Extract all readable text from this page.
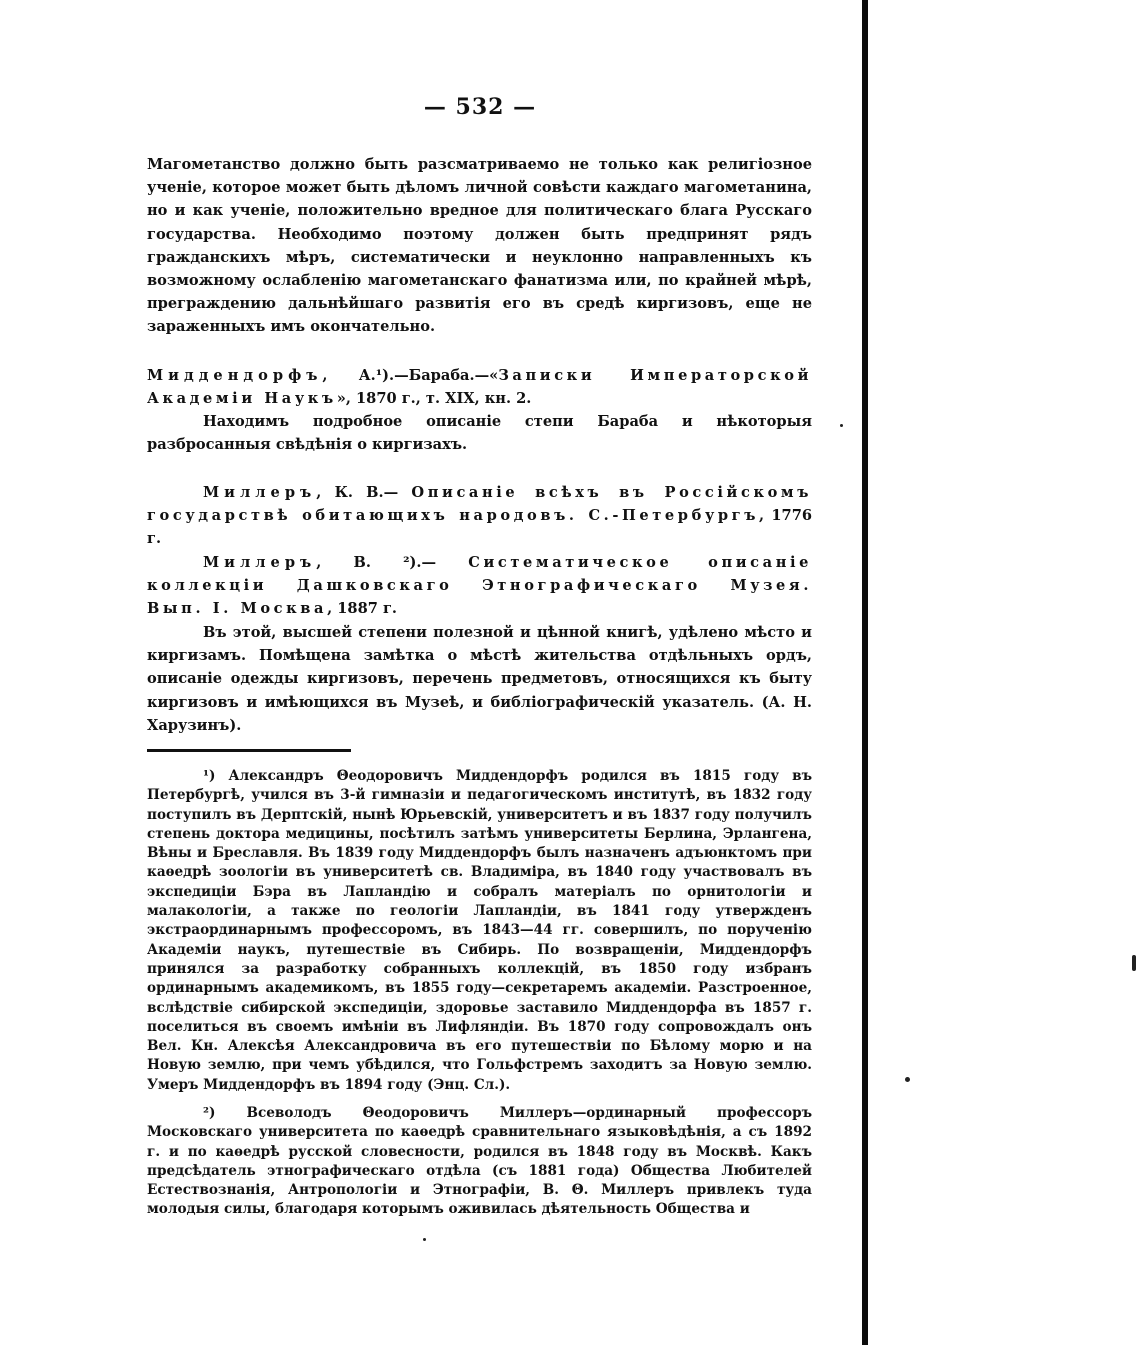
— 532 —

Магометанство должно быть разсматриваемо не только как религiозное ученiе, которое может быть дѣломъ личной совѣсти каждаго магометанина, но и как ученiе, положительно вредное для политическаго блага Русскаго государства. Необходимо поэтому должен быть предпринят рядъ гражданскихъ мѣръ, систематически и неуклонно направленныхъ къ возможному ослабленiю магометанскаго фанатизма или, по крайней мѣрѣ, преграждению дальнѣйшаго развитiя его въ средѣ киргизовъ, еще не зараженныхъ имъ окончательно.

Миддендорфъ, А.¹).—Бараба.—«Записки Императорской Академiи Наукъ», 1870 г., т. XIX, кн. 2.

Находимъ подробное описанiе степи Бараба и нѣкоторыя разбросанныя свѣдѣнiя о киргизахъ.

Миллеръ, К. В.— Описанiе всѣхъ въ Россiйскомъ государствѣ обитающихъ народовъ. С.-Петербургъ, 1776 г.

Миллеръ, В. ²).— Систематическое описанiе коллекцiи Дашковскаго Этнографическаго Музея. Вып. I. Москва, 1887 г.

Въ этой, высшей степени полезной и цѣнной книгѣ, удѣлено мѣсто и киргизамъ. Помѣщена замѣтка о мѣстѣ жительства отдѣльныхъ ордъ, описанiе одежды киргизовъ, перечень предметовъ, относящихся къ быту киргизовъ и имѣющихся въ Музеѣ, и библiографическiй указатель. (А. Н. Харузинъ).

¹) Александръ Θеодоровичъ Миддендорфъ родился въ 1815 году въ Петербургѣ, учился въ 3-й гимназiи и педагогическомъ институтѣ, въ 1832 году поступилъ въ Дерптскiй, нынѣ Юрьевскiй, университетъ и въ 1837 году получилъ степень доктора медицины, посѣтилъ затѣмъ университеты Берлина, Эрлангена, Вѣны и Бреславля. Въ 1839 году Миддендорфъ былъ назначенъ адъюнктомъ при каѳедрѣ зоологiи въ университетѣ св. Владимiра, въ 1840 году участвовалъ въ экспедицiи Бэра въ Лапландiю и собралъ матерiалъ по орнитологiи и малакологiи, а также по геологiи Лапландiи, въ 1841 году утвержденъ экстраординарнымъ профессоромъ, въ 1843—44 гг. совершилъ, по порученiю Академiи наукъ, путешествiе въ Сибирь. По возвращенiи, Миддендорфъ принялся за разработку собранныхъ коллекцiй, въ 1850 году избранъ ординарнымъ академикомъ, въ 1855 году—секретаремъ академiи. Разстроенное, вслѣдствiе сибирской экспедицiи, здоровье заставило Миддендорфа въ 1857 г. поселиться въ своемъ имѣнiи въ Лифляндiи. Въ 1870 году сопровождалъ онъ Вел. Кн. Алексѣя Александровича въ его путешествiи по Бѣлому морю и на Новую землю, при чемъ убѣдился, что Гольфстремъ заходитъ за Новую землю. Умеръ Миддендорфъ въ 1894 году (Энц. Сл.).

²) Всеволодъ Θеодоровичъ Миллеръ—ординарный профессоръ Московскаго университета по каѳедрѣ сравнительнаго языковѣдѣнiя, а съ 1892 г. и по каѳедрѣ русской словесности, родился въ 1848 году въ Москвѣ. Какъ предсѣдатель этнографическаго отдѣла (съ 1881 года) Общества Любителей Естествознанiя, Антропологiи и Этнографiи, В. Θ. Миллеръ привлекъ туда молодыя силы, благодаря которымъ оживилась дѣятельность Общества и
